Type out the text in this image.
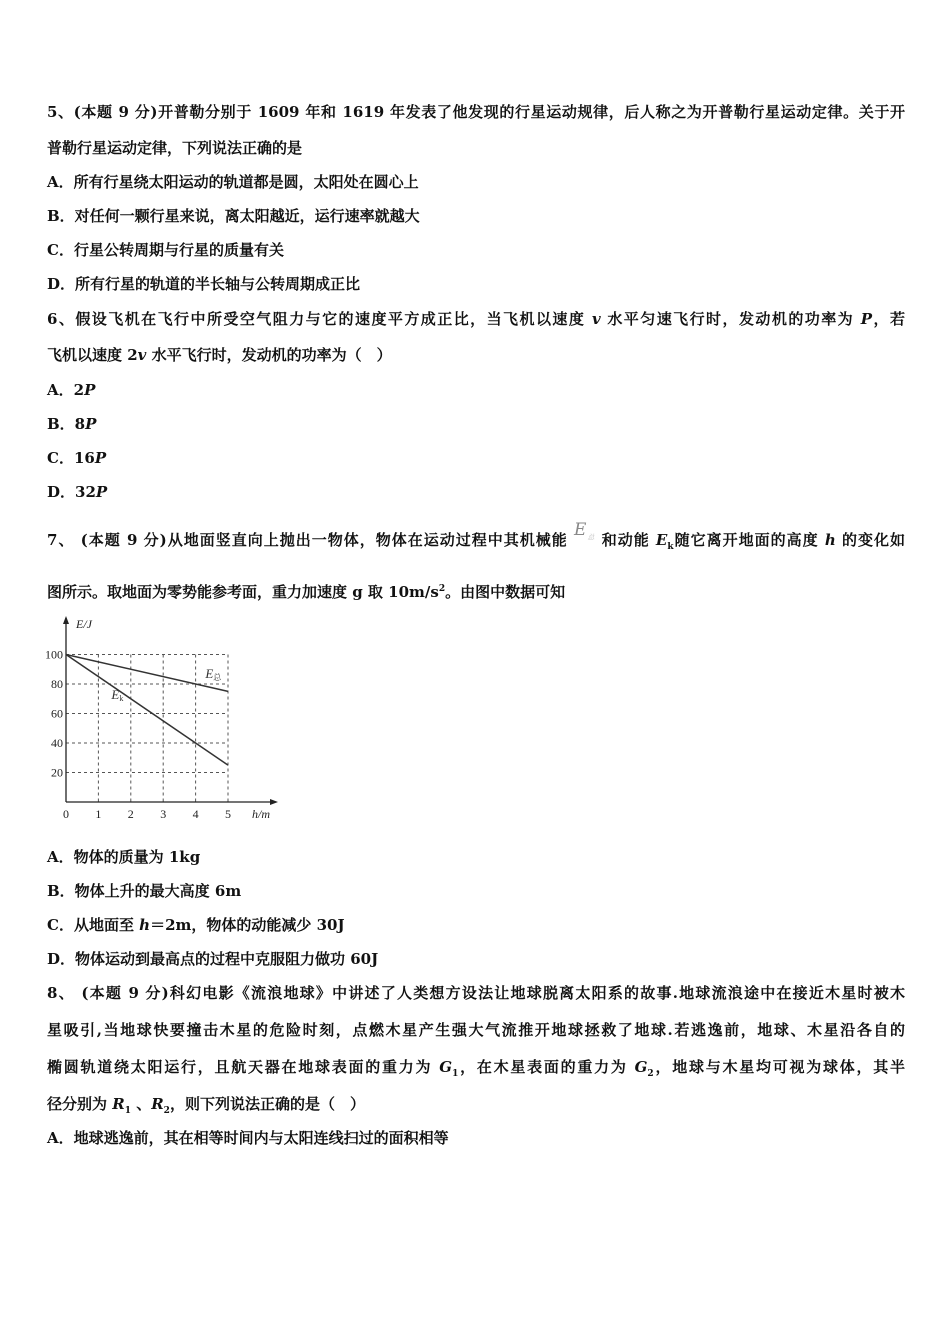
5、(本题 9 分)开普勒分别于 1609 年和 1619 年发表了他发现的行星运动规律，后人称之为开普勒行星运动定律。关于开
普勒行星运动定律，下列说法正确的是
A．所有行星绕太阳运动的轨道都是圆，太阳处在圆心上
B．对任何一颗行星来说，离太阳越近，运行速率就越大
C．行星公转周期与行星的质量有关
D．所有行星的轨道的半长轴与公转周期成正比
6、假设飞机在飞行中所受空气阻力与它的速度平方成正比，当飞机以速度 v 水平匀速飞行时，发动机的功率为 P，若
飞机以速度 2v 水平飞行时，发动机的功率为（　）
A．2P
B．8P
C．16P
D．32P
7、 (本题 9 分)从地面竖直向上抛出一物体，物体在运动过程中其机械能 $E_总$ 和动能 $E_k$随它离开地面的高度 h 的变化如
图所示。取地面为零势能参考面，重力加速度 g 取 $10m/s^2$。由图中数据可知
0 1 2 3 4 5
20
40
60
80
100
E/J
h/m
E总
Ek
A．物体的质量为 1kg
B．物体上升的最大高度 6m
C．从地面至 h＝2m，物体的动能减少 30J
D．物体运动到最高点的过程中克服阻力做功 60J
8、 (本题 9 分)科幻电影《流浪地球》中讲述了人类想方设法让地球脱离太阳系的故事.地球流浪途中在接近木星时被木
星吸引,当地球快要撞击木星的危险时刻，点燃木星产生强大气流推开地球拯救了地球.若逃逸前，地球、木星沿各自的
椭圆轨道绕太阳运行，且航天器在地球表面的重力为 $G_1$，在木星表面的重力为 $G_2$，地球与木星均可视为球体，其半
径分别为 $R_1$ 、$R_2$，则下列说法正确的是（　）
A．地球逃逸前，其在相等时间内与太阳连线扫过的面积相等
